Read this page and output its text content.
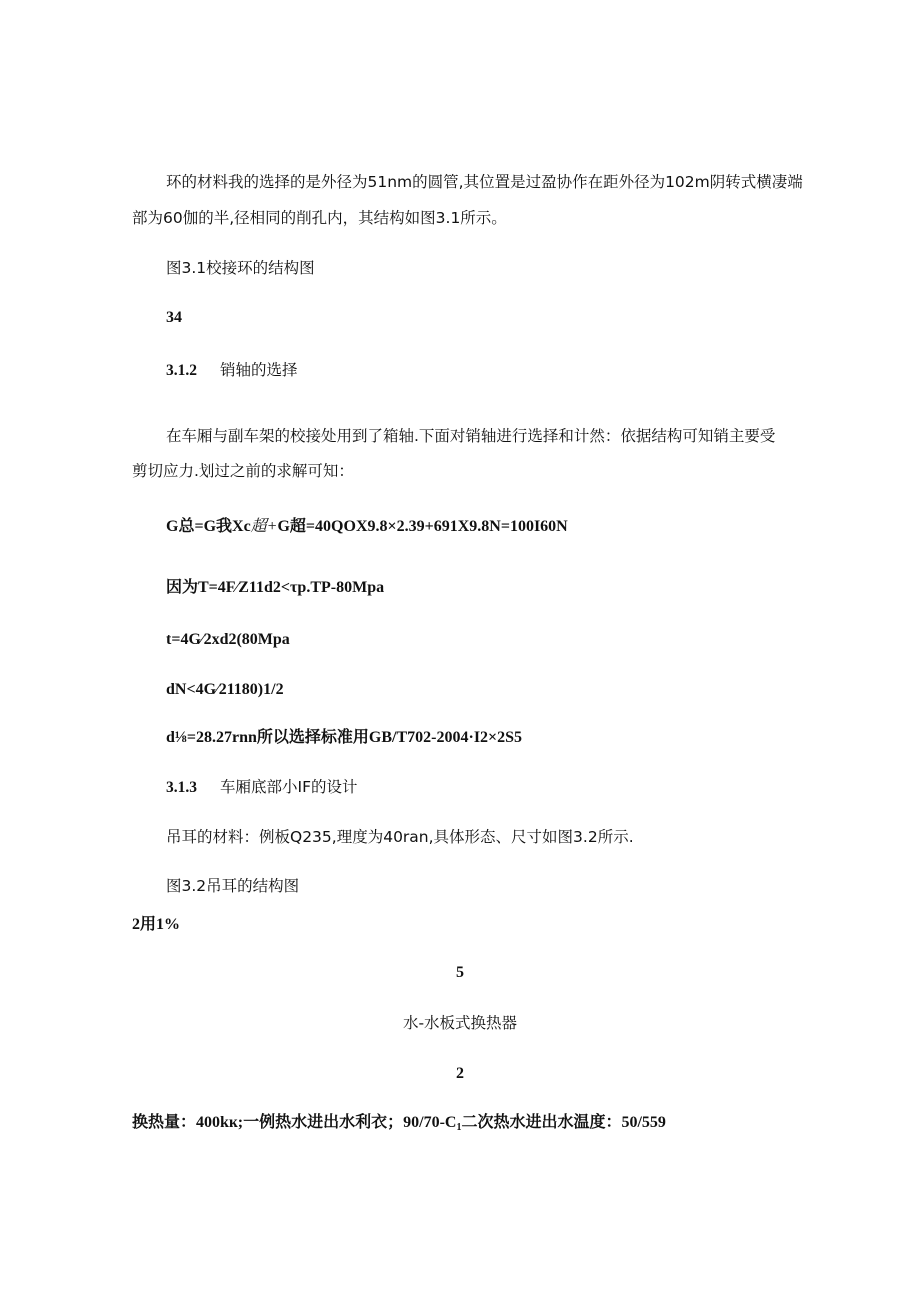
环的材料我的选择的是外径为51nm的圆管,其位置是过盈协作在距外径为102m阴转式横凄端
部为60伽的半,径相同的削孔内，其结构如图3.1所示。
图3.1校接环的结构图
34
3.1.2 销轴的选择
在车厢与副车架的校接处用到了箱轴.下面对销轴进行选择和计然：依据结构可知销主要受
剪切应力.划过之前的求解可知：
G总=G我Xc超+G超=40QOX9.8×2.39+691X9.8N=100I60N
因为T=4F∕Z11d2<τp.TP-80Mpa
t=4G∕2xd2(80Mpa
dN<4G∕21180)1/2
d⅛=28.27rnn所以选择标准用GB/T702-2004·I2×2S5
3.1.3 车厢底部小IF的设计
吊耳的材料：例板Q235,理度为40ran,具体形态、尺寸如图3.2所示.
图3.2吊耳的结构图
2用1%
5
水-水板式换热器
2
换热量：400kĸ;一例热水进出水利衣；$90/70-C_1$二次热水进出水温度：50/559
